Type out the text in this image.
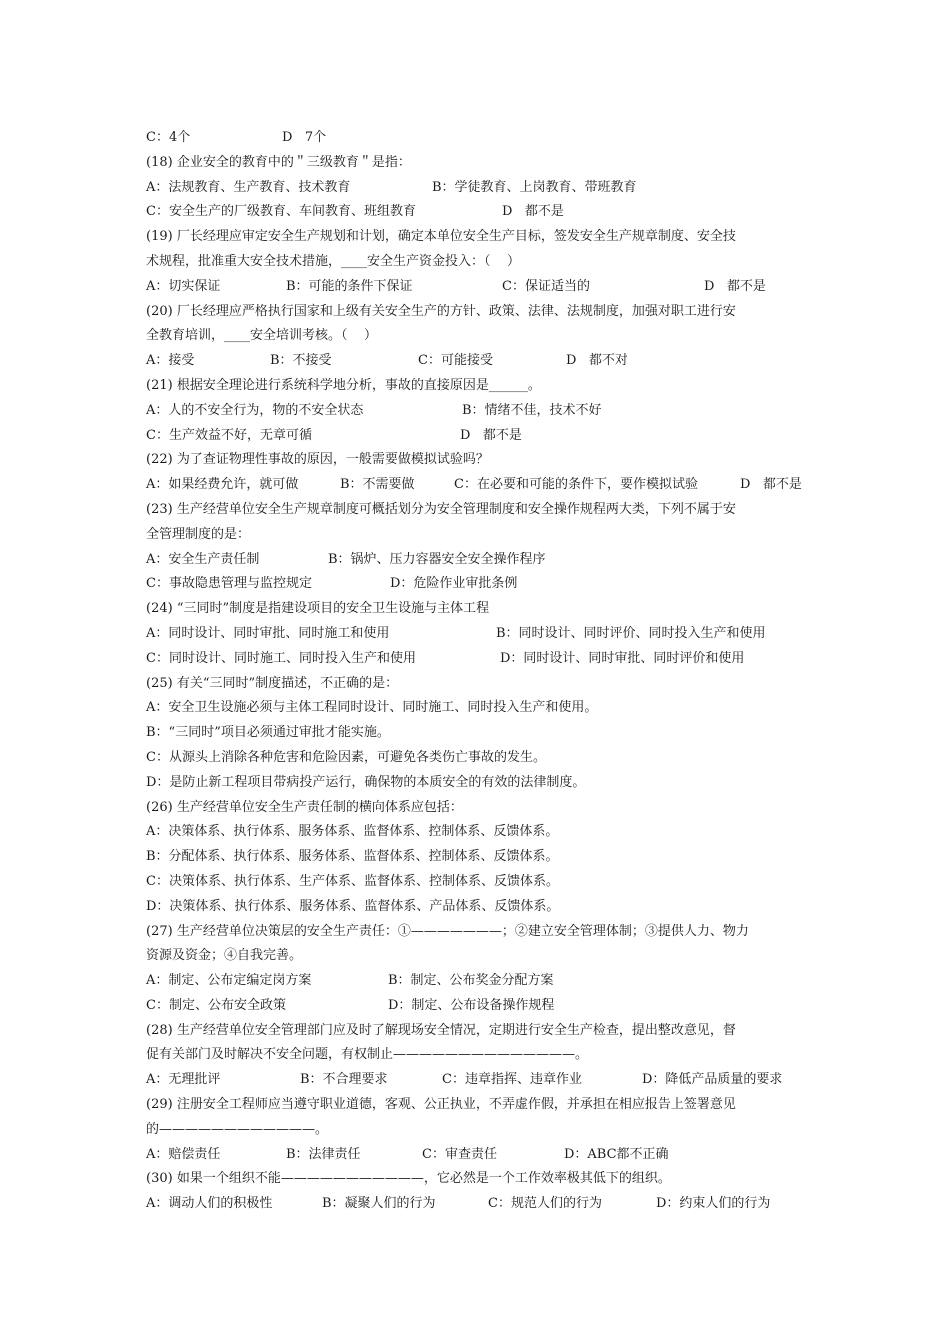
C：4个	D   7个
(18) 企业安全的教育中的＂三级教育＂是指：
A：法规教育、生产教育、技术教育	B：学徒教育、上岗教育、带班教育
C：安全生产的厂级教育、车间教育、班组教育	D   都不是
(19) 厂长经理应审定安全生产规划和计划，确定本单位安全生产目标，签发安全生产规章制度、安全技
术规程，批准重大安全技术措施，____安全生产资金投入：（    ）
A：切实保证	B：可能的条件下保证	C：保证适当的	D   都不是
(20) 厂长经理应严格执行国家和上级有关安全生产的方针、政策、法律、法规制度，加强对职工进行安
全教育培训，____安全培训考核。（    ）
A：接受	B：不接受	C：可能接受	D   都不对
(21) 根据安全理论进行系统科学地分析，事故的直接原因是______。
A：人的不安全行为，物的不安全状态	B：情绪不佳，技术不好
C：生产效益不好，无章可循	D   都不是
(22) 为了查证物理性事故的原因，一般需要做模拟试验吗？
A：如果经费允许，就可做	B：不需要做	C：在必要和可能的条件下，要作模拟试验	D   都不是
(23) 生产经营单位安全生产规章制度可概括划分为安全管理制度和安全操作规程两大类，下列不属于安
全管理制度的是：
A：安全生产责任制	B：锅炉、压力容器安全安全操作程序
C：事故隐患管理与监控规定	D：危险作业审批条例
(24) “三同时”制度是指建设项目的安全卫生设施与主体工程
A：同时设计、同时审批、同时施工和使用	B：同时设计、同时评价、同时投入生产和使用
C：同时设计、同时施工、同时投入生产和使用	D：同时设计、同时审批、同时评价和使用
(25) 有关“三同时”制度描述，不正确的是：
A：安全卫生设施必须与主体工程同时设计、同时施工、同时投入生产和使用。
B：“三同时”项目必须通过审批才能实施。
C：从源头上消除各种危害和危险因素，可避免各类伤亡事故的发生。
D：是防止新工程项目带病投产运行，确保物的本质安全的有效的法律制度。
(26) 生产经营单位安全生产责任制的横向体系应包括：
A：决策体系、执行体系、服务体系、监督体系、控制体系、反馈体系。
B：分配体系、执行体系、服务体系、监督体系、控制体系、反馈体系。
C：决策体系、执行体系、生产体系、监督体系、控制体系、反馈体系。
D：决策体系、执行体系、服务体系、监督体系、产品体系、反馈体系。
(27) 生产经营单位决策层的安全生产责任：①———————；②建立安全管理体制；③提供人力、物力
资源及资金；④自我完善。
A：制定、公布定编定岗方案	B：制定、公布奖金分配方案
C：制定、公布安全政策	D：制定、公布设备操作规程
(28) 生产经营单位安全管理部门应及时了解现场安全情况，定期进行安全生产检查，提出整改意见，督
促有关部门及时解决不安全问题，有权制止——————————————。
A：无理批评	B：不合理要求	C：违章指挥、违章作业	D：降低产品质量的要求
(29) 注册安全工程师应当遵守职业道德，客观、公正执业，不弄虚作假，并承担在相应报告上签署意见
的————————————。
A：赔偿责任	B：法律责任	C：审查责任	D：ABC都不正确
(30) 如果一个组织不能———————————，它必然是一个工作效率极其低下的组织。
A：调动人们的积极性	B：凝聚人们的行为	C：规范人们的行为	D：约束人们的行为
